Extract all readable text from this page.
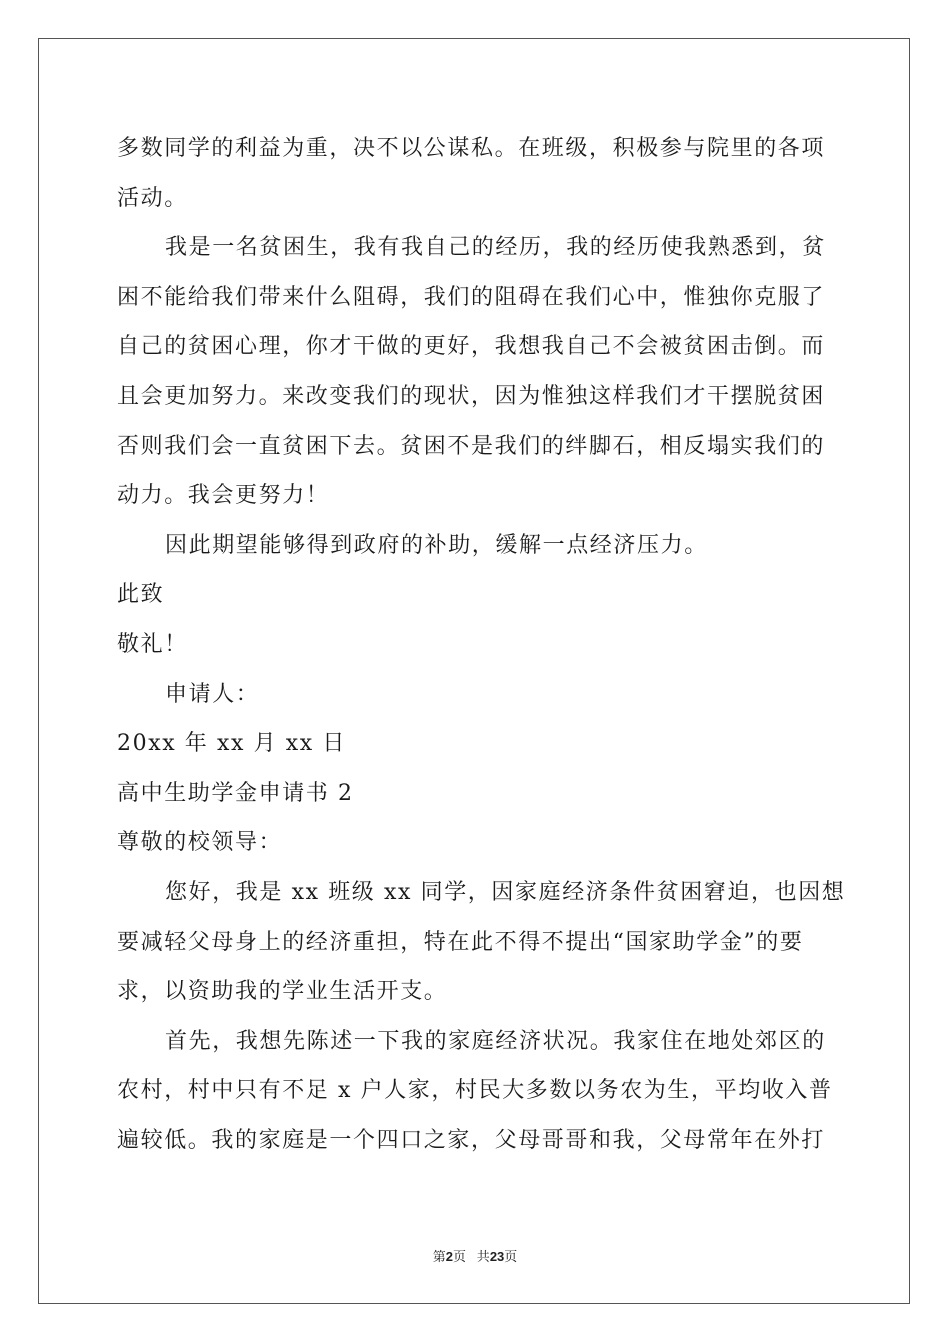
多数同学的利益为重，决不以公谋私。在班级，积极参与院里的各项
活动。
我是一名贫困生，我有我自己的经历，我的经历使我熟悉到，贫
困不能给我们带来什么阻碍，我们的阻碍在我们心中，惟独你克服了
自己的贫困心理，你才干做的更好，我想我自己不会被贫困击倒。而
且会更加努力。来改变我们的现状，因为惟独这样我们才干摆脱贫困
否则我们会一直贫困下去。贫困不是我们的绊脚石，相反塌实我们的
动力。我会更努力！
因此期望能够得到政府的补助，缓解一点经济压力。
此致
敬礼！
申请人：
20xx 年 xx 月 xx 日
高中生助学金申请书 2
尊敬的校领导：
您好，我是 xx 班级 xx 同学，因家庭经济条件贫困窘迫，也因想
要减轻父母身上的经济重担，特在此不得不提出“国家助学金”的要
求，以资助我的学业生活开支。
首先，我想先陈述一下我的家庭经济状况。我家住在地处郊区的
农村，村中只有不足 x 户人家，村民大多数以务农为生，平均收入普
遍较低。我的家庭是一个四口之家，父母哥哥和我，父母常年在外打
第2页 共23页
